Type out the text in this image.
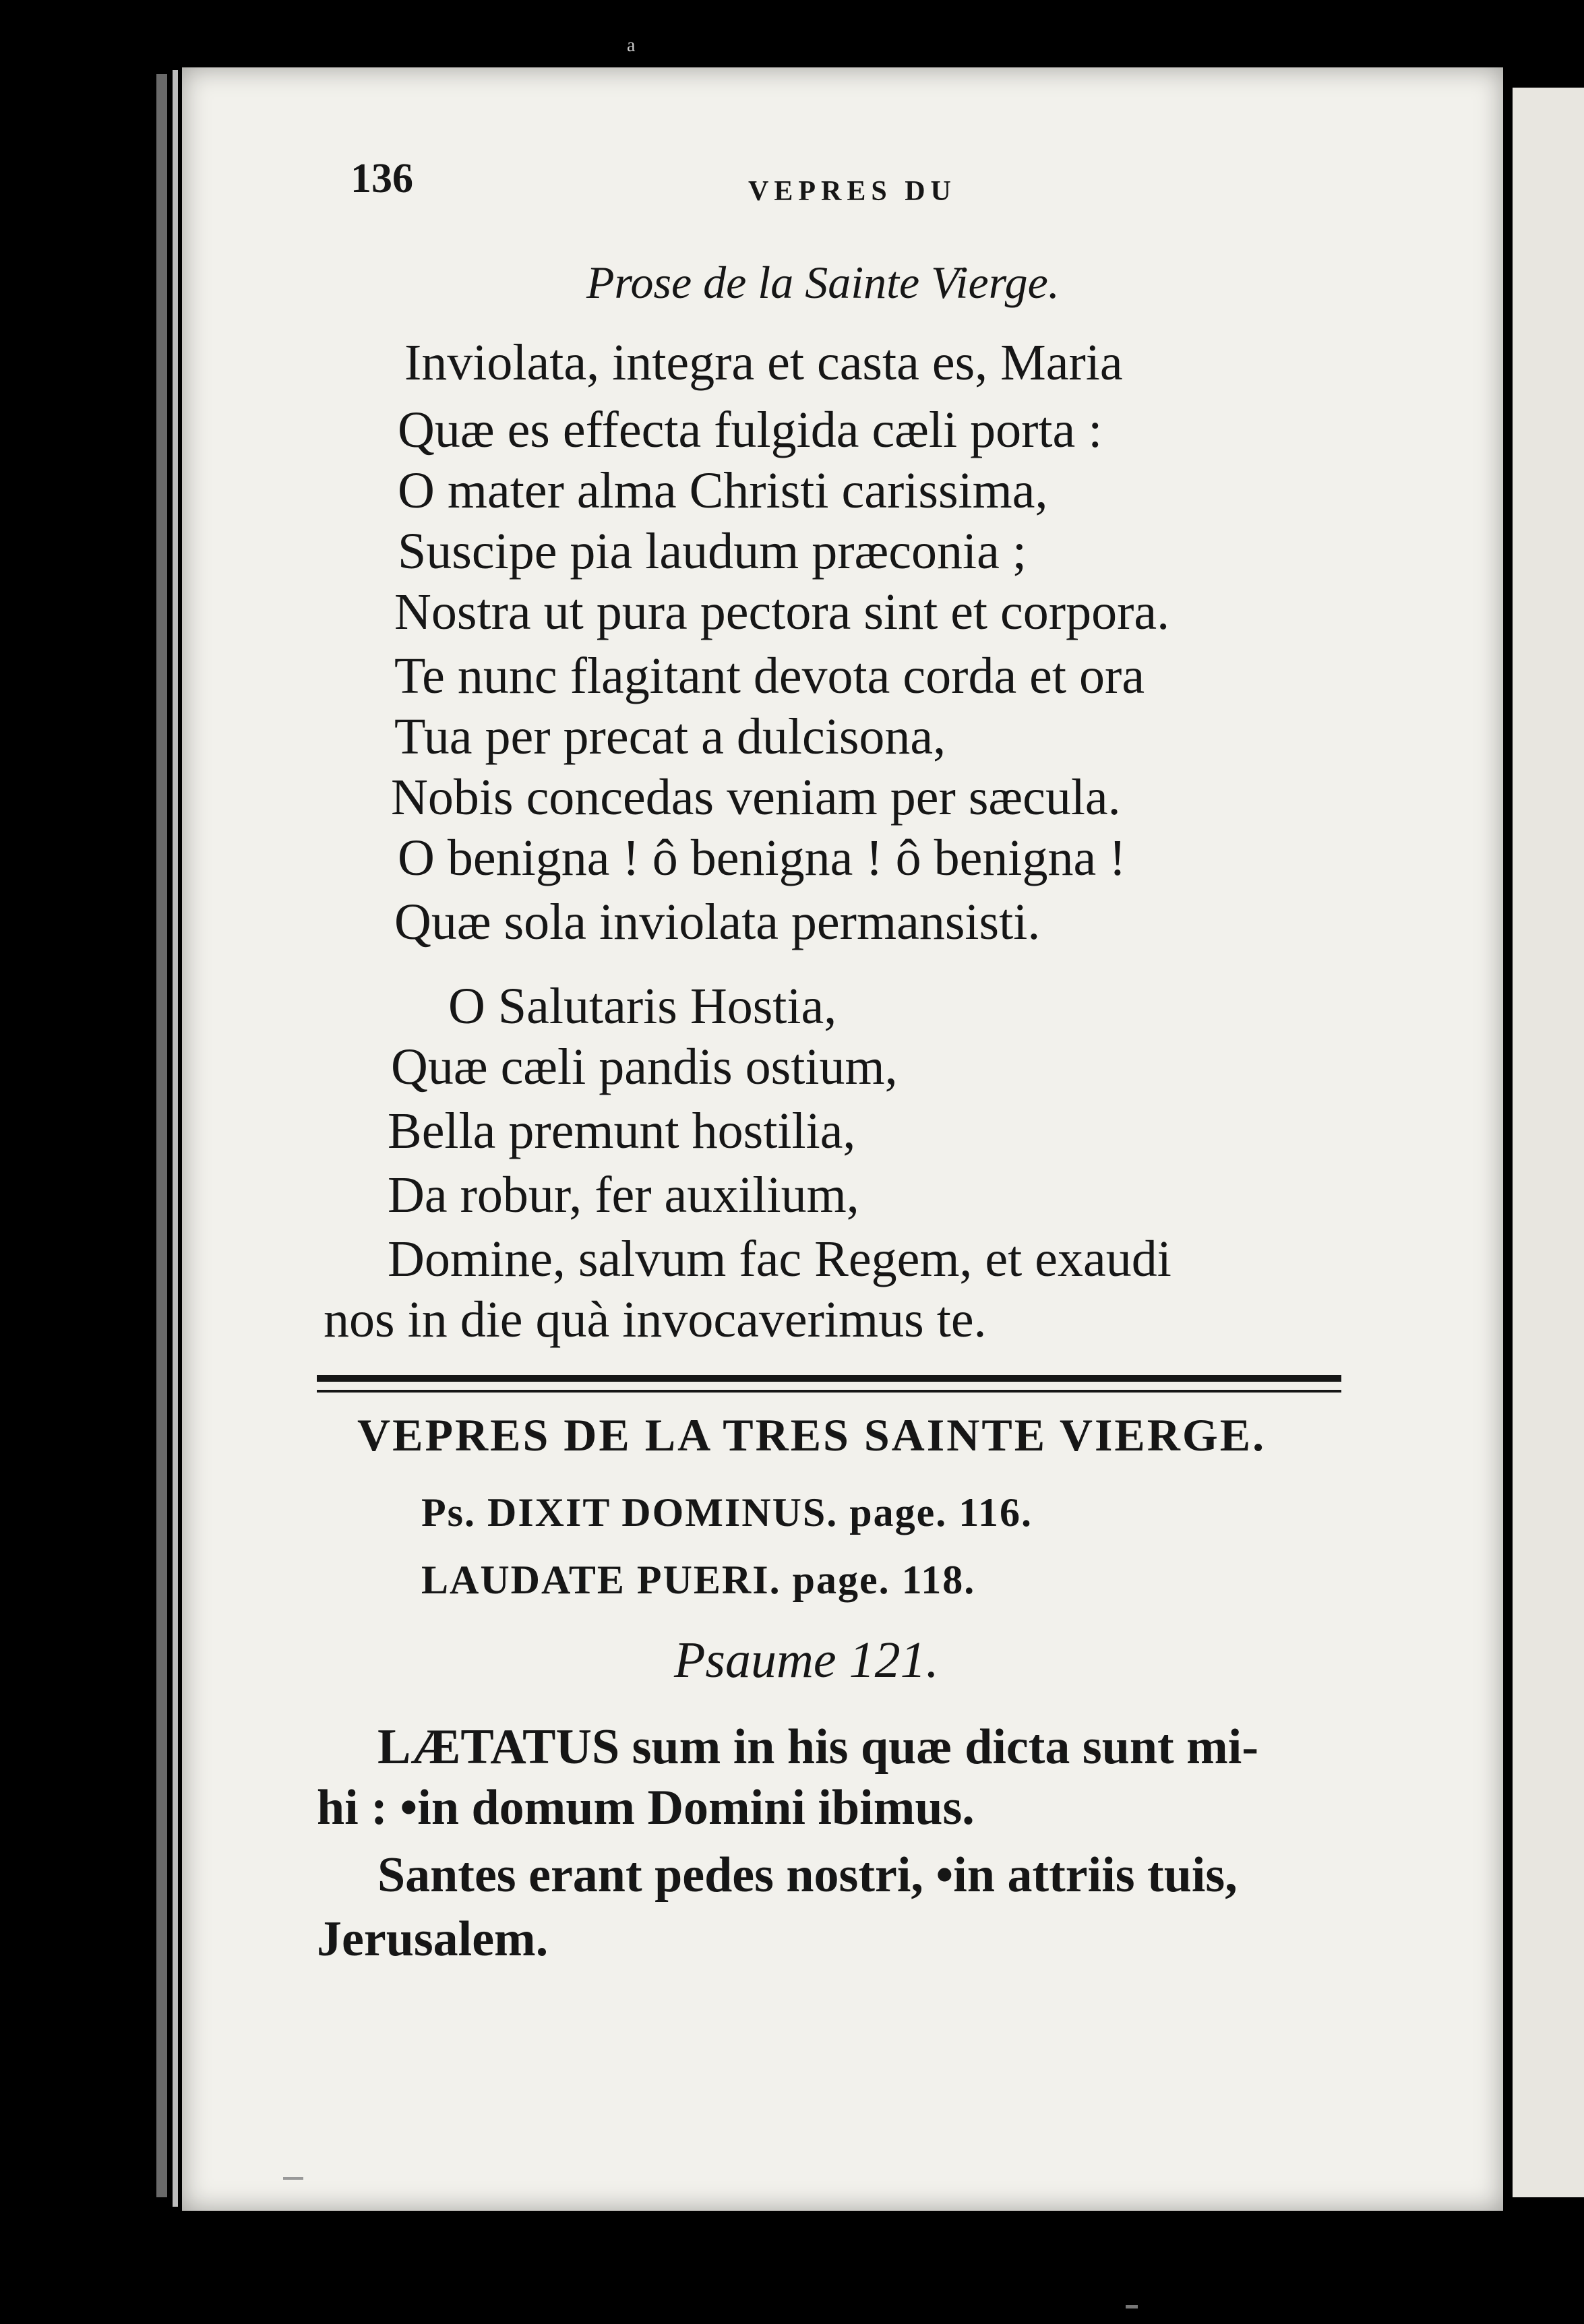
a
136	VEPRES DU
Prose de la Sainte Vierge.
Inviolata, integra et casta es, Maria
Quæ es effecta fulgida cæli porta :
O mater alma Christi carissima,
Suscipe pia laudum præconia ;
Nostra ut pura pectora sint et corpora.
Te nunc flagitant devota corda et ora
Tua per precat a dulcisona,
Nobis concedas veniam per sæcula.
O benigna ! ô benigna ! ô benigna !
Quæ sola inviolata permansisti.
O Salutaris Hostia,
Quæ cæli pandis ostium,
Bella premunt hostilia,
Da robur, fer auxilium,
Domine, salvum fac Regem, et exaudi
nos in die quà invocaverimus te.
VEPRES DE LA TRES SAINTE VIERGE.
Ps. DIXIT DOMINUS. page. 116.
LAUDATE PUERI. page. 118.
Psaume 121.
LÆTATUS sum in his quæ dicta sunt mi-
hi : •in domum Domini ibimus.
Santes erant pedes nostri, •in attriis tuis,
Jerusalem.
